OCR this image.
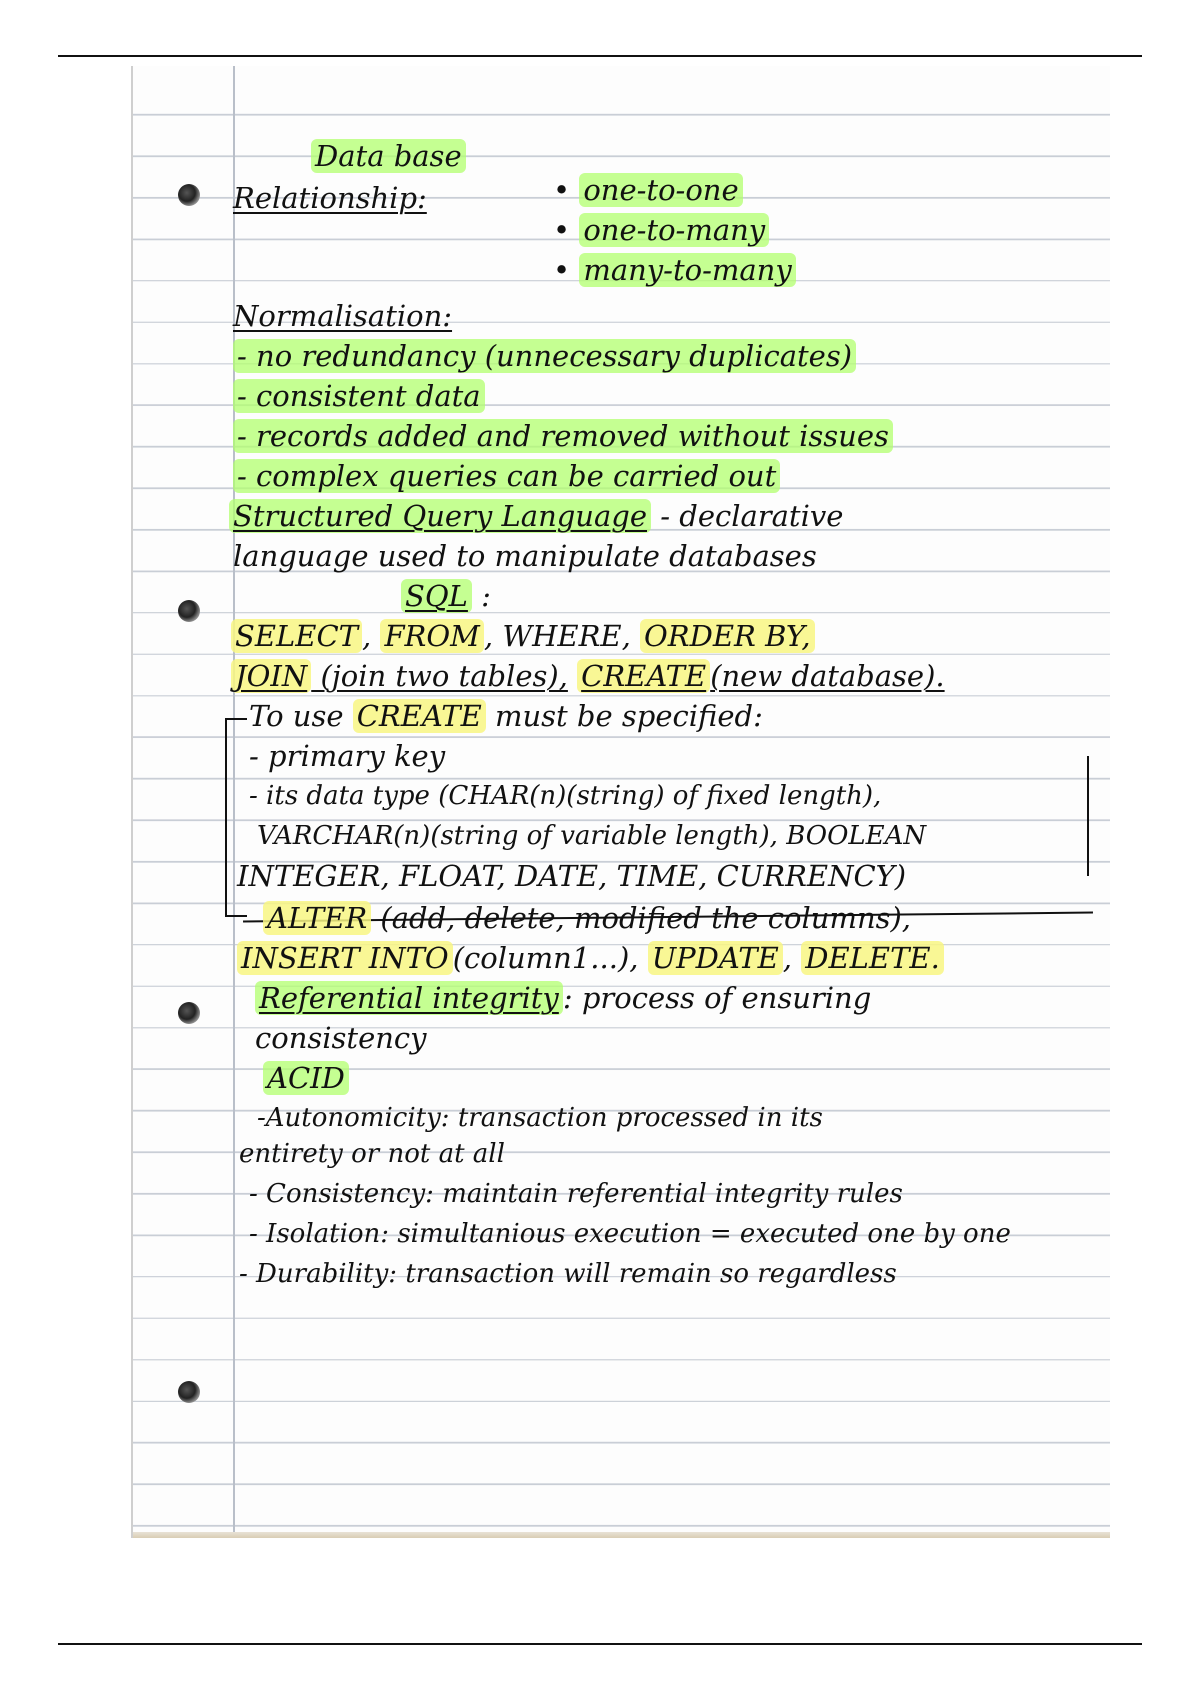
Data base
Relationship:	• one-to-one
• one-to-many
• many-to-many
Normalisation:
- no redundancy (unnecessary duplicates)
- consistent data
- records added and removed without issues
- complex queries can be carried out
Structured Query Language - declarative
language used to manipulate databases
SQL :
SELECT , FROM , WHERE, ORDER BY,
JOIN (join two tables), CREATE (new database).
To use CREATE must be specified:
- primary key
- its data type (CHAR(n)(string) of fixed length),
VARCHAR(n)(string of variable length), BOOLEAN
INTEGER, FLOAT, DATE, TIME, CURRENCY)
ALTER (add, delete, modified the columns),
INSERT INTO (column1...), UPDATE , DELETE.
Referential integrity : process of ensuring
consistency
ACID
-Autonomicity: transaction processed in its
entirety or not at all
- Consistency: maintain referential integrity rules
- Isolation: simultanious execution = executed one by one
- Durability: transaction will remain so regardless
